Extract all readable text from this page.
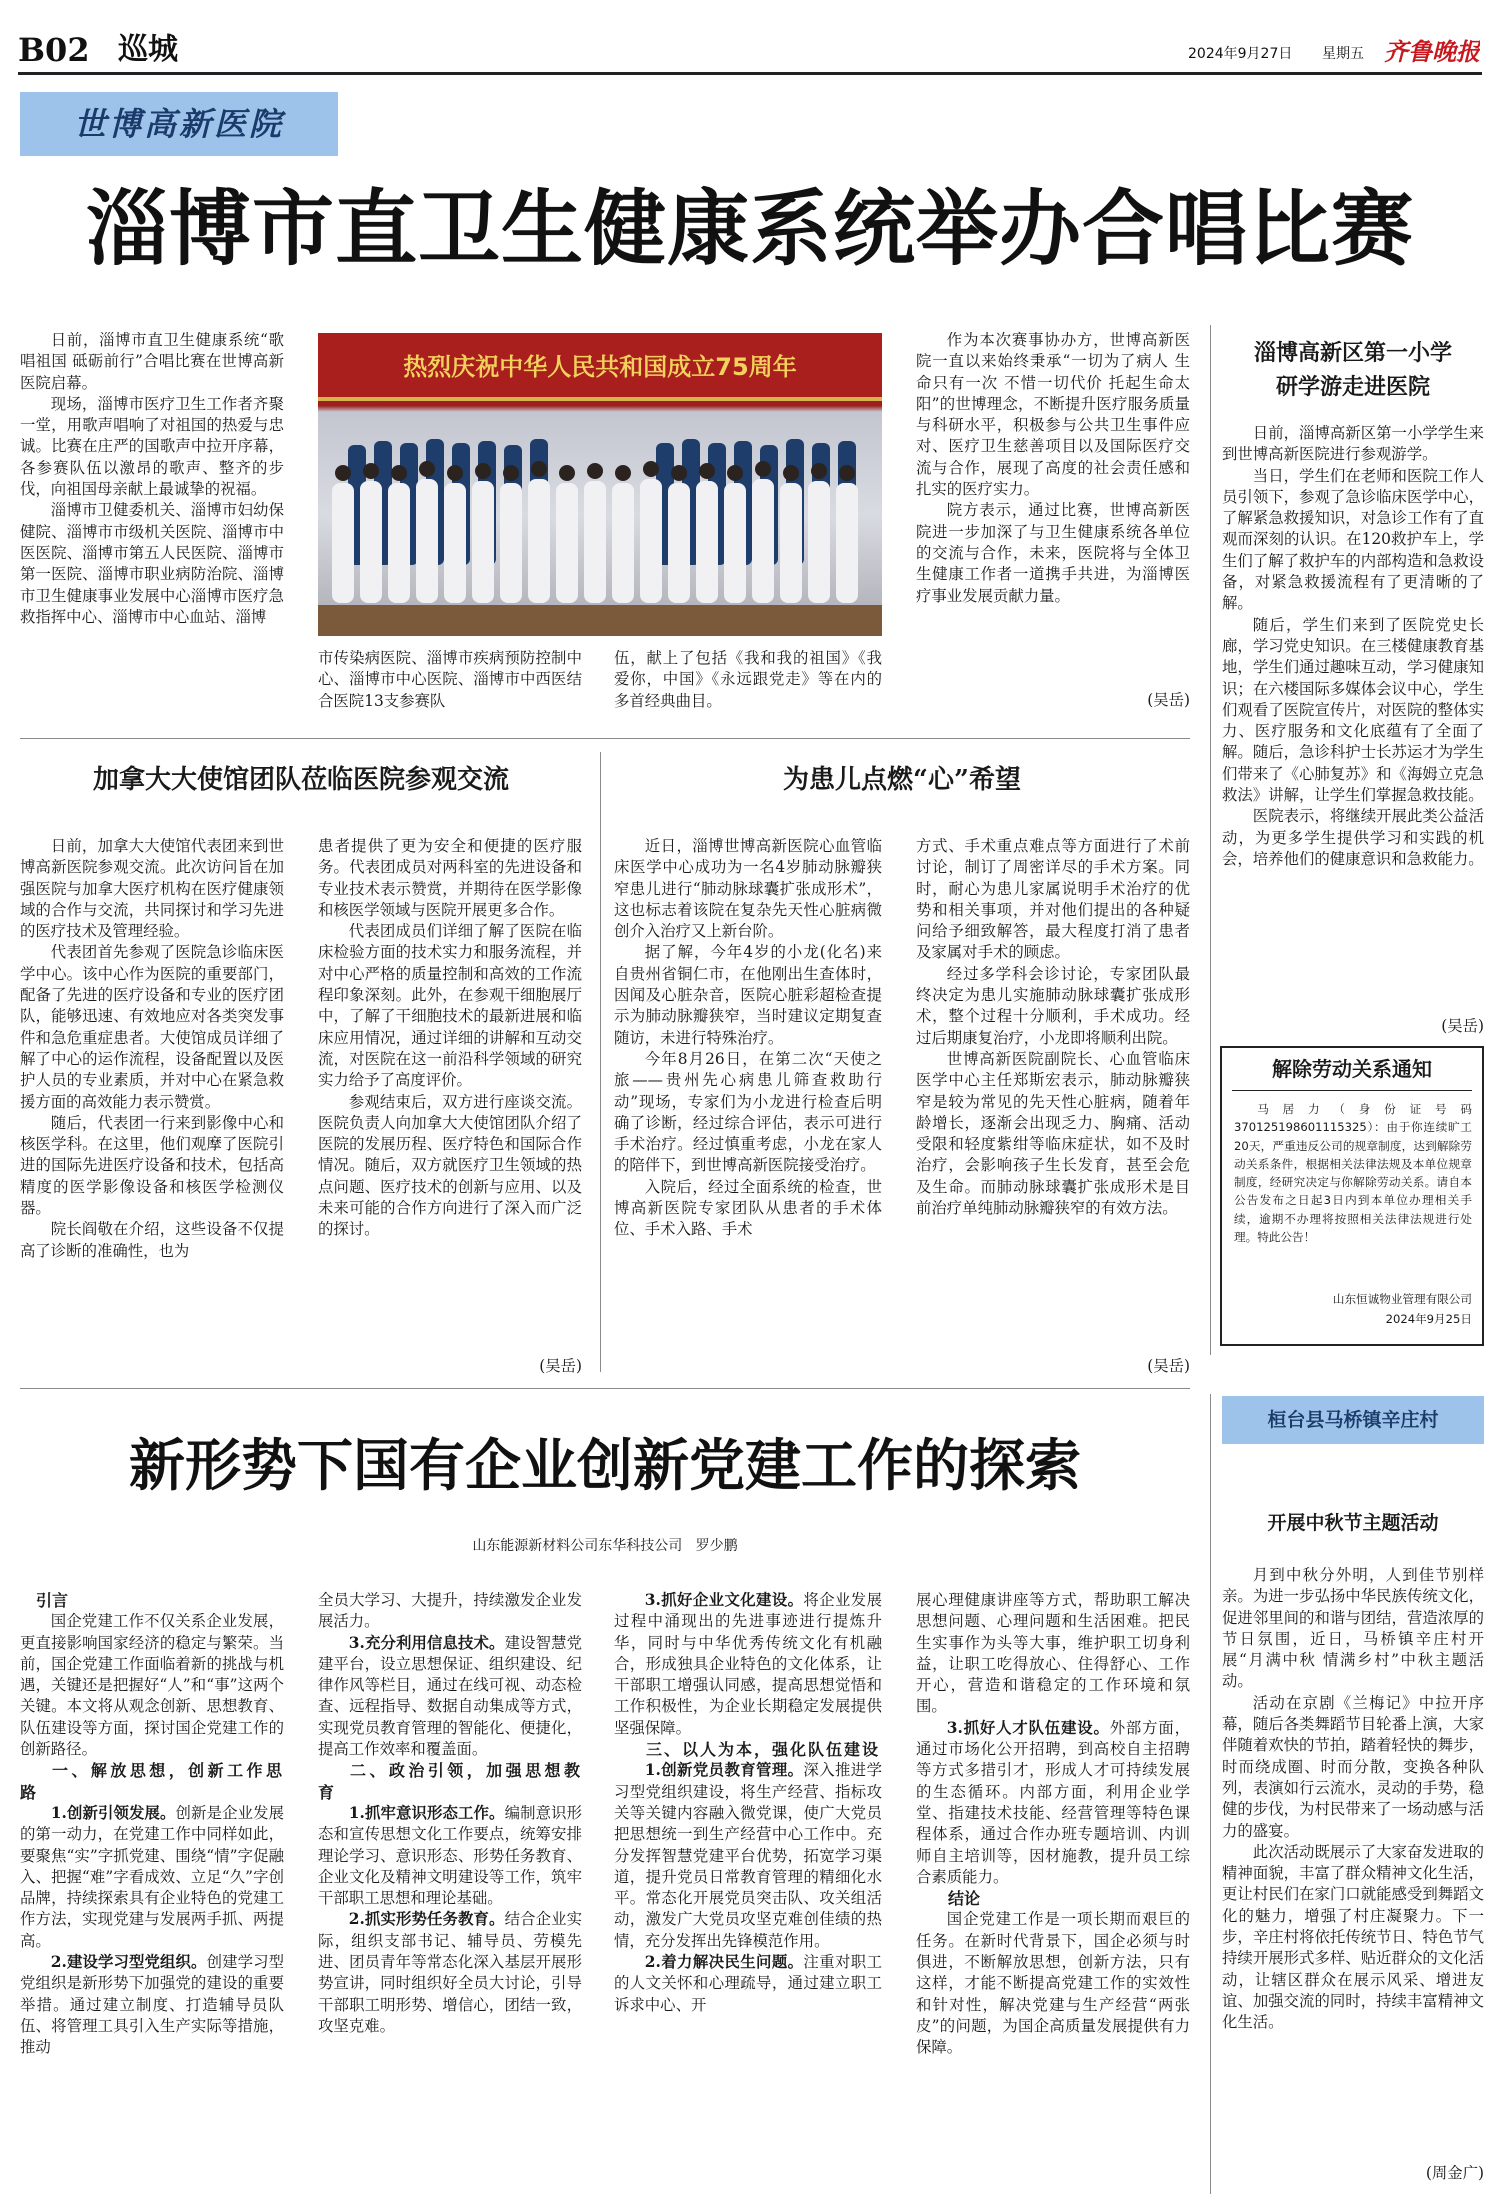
B02 巡城	2024年9月27日 星期五 齐鲁晚报
世博高新医院
淄博市直卫生健康系统举办合唱比赛

日前，淄博市直卫生健康系统“歌唱祖国 砥砺前行”合唱比赛在世博高新医院启幕。

现场，淄博市医疗卫生工作者齐聚一堂，用歌声唱响了对祖国的热爱与忠诚。比赛在庄严的国歌声中拉开序幕，各参赛队伍以激昂的歌声、整齐的步伐，向祖国母亲献上最诚挚的祝福。

淄博市卫健委机关、淄博市妇幼保健院、淄博市市级机关医院、淄博市中医医院、淄博市第五人民医院、淄博市第一医院、淄博市职业病防治院、淄博市卫生健康事业发展中心淄博市医疗急救指挥中心、淄博市中心血站、淄博

热烈庆祝中华人民共和国成立75周年

市传染病医院、淄博市疾病预防控制中心、淄博市中心医院、淄博市中西医结合医院13支参赛队

伍，献上了包括《我和我的祖国》《我爱你，中国》《永远跟党走》等在内的多首经典曲目。

作为本次赛事协办方，世博高新医院一直以来始终秉承“一切为了病人 生命只有一次 不惜一切代价 托起生命太阳”的世博理念，不断提升医疗服务质量与科研水平，积极参与公共卫生事件应对、医疗卫生慈善项目以及国际医疗交流与合作，展现了高度的社会责任感和扎实的医疗实力。

院方表示，通过比赛，世博高新医院进一步加深了与卫生健康系统各单位的交流与合作，未来，医院将与全体卫生健康工作者一道携手共进，为淄博医疗事业发展贡献力量。

(吴岳)
淄博高新区第一小学
研学游走进医院

日前，淄博高新区第一小学学生来到世博高新医院进行参观游学。

当日，学生们在老师和医院工作人员引领下，参观了急诊临床医学中心，了解紧急救援知识，对急诊工作有了直观而深刻的认识。在120救护车上，学生们了解了救护车的内部构造和急救设备，对紧急救援流程有了更清晰的了解。

随后，学生们来到了医院党史长廊，学习党史知识。在三楼健康教育基地，学生们通过趣味互动，学习健康知识；在六楼国际多媒体会议中心，学生们观看了医院宣传片，对医院的整体实力、医疗服务和文化底蕴有了全面了解。随后，急诊科护士长苏运才为学生们带来了《心肺复苏》和《海姆立克急救法》讲解，让学生们掌握急救技能。

医院表示，将继续开展此类公益活动，为更多学生提供学习和实践的机会，培养他们的健康意识和急救能力。

(吴岳)
解除劳动关系通知
马居力（身份证号码370125198601115325）：由于你连续旷工20天，严重违反公司的规章制度，达到解除劳动关系条件，根据相关法律法规及本单位规章制度，经研究决定与你解除劳动关系。请自本公告发布之日起3日内到本单位办理相关手续，逾期不办理将按照相关法律法规进行处理。特此公告！
山东恒诚物业管理有限公司
2024年9月25日
加拿大大使馆团队莅临医院参观交流

日前，加拿大大使馆代表团来到世博高新医院参观交流。此次访问旨在加强医院与加拿大医疗机构在医疗健康领域的合作与交流，共同探讨和学习先进的医疗技术及管理经验。

代表团首先参观了医院急诊临床医学中心。该中心作为医院的重要部门，配备了先进的医疗设备和专业的医疗团队，能够迅速、有效地应对各类突发事件和急危重症患者。大使馆成员详细了解了中心的运作流程，设备配置以及医护人员的专业素质，并对中心在紧急救援方面的高效能力表示赞赏。

随后，代表团一行来到影像中心和核医学科。在这里，他们观摩了医院引进的国际先进医疗设备和技术，包括高精度的医学影像设备和核医学检测仪器。

院长阎敬在介绍，这些设备不仅提高了诊断的准确性，也为

患者提供了更为安全和便捷的医疗服务。代表团成员对两科室的先进设备和专业技术表示赞赏，并期待在医学影像和核医学领域与医院开展更多合作。

代表团成员们详细了解了医院在临床检验方面的技术实力和服务流程，并对中心严格的质量控制和高效的工作流程印象深刻。此外，在参观干细胞展厅中，了解了干细胞技术的最新进展和临床应用情况，通过详细的讲解和互动交流，对医院在这一前沿科学领域的研究实力给予了高度评价。

参观结束后，双方进行座谈交流。医院负责人向加拿大大使馆团队介绍了医院的发展历程、医疗特色和国际合作情况。随后，双方就医疗卫生领域的热点问题、医疗技术的创新与应用、以及未来可能的合作方向进行了深入而广泛的探讨。

(吴岳)
为患儿点燃“心”希望

近日，淄博世博高新医院心血管临床医学中心成功为一名4岁肺动脉瓣狭窄患儿进行“肺动脉球囊扩张成形术”，这也标志着该院在复杂先天性心脏病微创介入治疗又上新台阶。

据了解，今年4岁的小龙(化名)来自贵州省铜仁市，在他刚出生查体时，因闻及心脏杂音，医院心脏彩超检查提示为肺动脉瓣狭窄，当时建议定期复查随访，未进行特殊治疗。

今年8月26日，在第二次“天使之旅——贵州先心病患儿筛查救助行动”现场，专家们为小龙进行检查后明确了诊断，经过综合评估，表示可进行手术治疗。经过慎重考虑，小龙在家人的陪伴下，到世博高新医院接受治疗。

入院后，经过全面系统的检查，世博高新医院专家团队从患者的手术体位、手术入路、手术

方式、手术重点难点等方面进行了术前讨论，制订了周密详尽的手术方案。同时，耐心为患儿家属说明手术治疗的优势和相关事项，并对他们提出的各种疑问给予细致解答，最大程度打消了患者及家属对手术的顾虑。

经过多学科会诊讨论，专家团队最终决定为患儿实施肺动脉球囊扩张成形术，整个过程十分顺利，手术成功。经过后期康复治疗，小龙即将顺利出院。

世博高新医院副院长、心血管临床医学中心主任郑斯宏表示，肺动脉瓣狭窄是较为常见的先天性心脏病，随着年龄增长，逐渐会出现乏力、胸痛、活动受限和轻度紫绀等临床症状，如不及时治疗，会影响孩子生长发育，甚至会危及生命。而肺动脉球囊扩张成形术是目前治疗单纯肺动脉瓣狭窄的有效方法。

(吴岳)
新形势下国有企业创新党建工作的探索
山东能源新材料公司东华科技公司   罗少鹏

引言

国企党建工作不仅关系企业发展，更直接影响国家经济的稳定与繁荣。当前，国企党建工作面临着新的挑战与机遇，关键还是把握好“人”和“事”这两个关键。本文将从观念创新、思想教育、队伍建设等方面，探讨国企党建工作的创新路径。

一、解放思想，创新工作思路

1.创新引领发展。创新是企业发展的第一动力，在党建工作中同样如此，要聚焦“实”字抓党建、围绕“情”字促融入、把握“难”字看成效、立足“久”字创品牌，持续探索具有企业特色的党建工作方法，实现党建与发展两手抓、两提高。

2.建设学习型党组织。创建学习型党组织是新形势下加强党的建设的重要举措。通过建立制度、打造辅导员队伍、将管理工具引入生产实际等措施，推动

全员大学习、大提升，持续激发企业发展活力。

3.充分利用信息技术。建设智慧党建平台，设立思想保证、组织建设、纪律作风等栏目，通过在线可视、动态检查、远程指导、数据自动集成等方式，实现党员教育管理的智能化、便捷化，提高工作效率和覆盖面。

二、政治引领，加强思想教育

1.抓牢意识形态工作。编制意识形态和宣传思想文化工作要点，统筹安排理论学习、意识形态、形势任务教育、企业文化及精神文明建设等工作，筑牢干部职工思想和理论基础。

2.抓实形势任务教育。结合企业实际，组织支部书记、辅导员、劳模先进、团员青年等常态化深入基层开展形势宣讲，同时组织好全员大讨论，引导干部职工明形势、增信心，团结一致，攻坚克难。

3.抓好企业文化建设。将企业发展过程中涌现出的先进事迹进行提炼升华，同时与中华优秀传统文化有机融合，形成独具企业特色的文化体系，让干部职工增强认同感，提高思想觉悟和工作积极性，为企业长期稳定发展提供坚强保障。

三、以人为本，强化队伍建设

1.创新党员教育管理。深入推进学习型党组织建设，将生产经营、指标攻关等关键内容融入微党课，使广大党员把思想统一到生产经营中心工作中。充分发挥智慧党建平台优势，拓宽学习渠道，提升党员日常教育管理的精细化水平。常态化开展党员突击队、攻关组活动，激发广大党员攻坚克难创佳绩的热情，充分发挥出先锋模范作用。

2.着力解决民生问题。注重对职工的人文关怀和心理疏导，通过建立职工诉求中心、开

展心理健康讲座等方式，帮助职工解决思想问题、心理问题和生活困难。把民生实事作为头等大事，维护职工切身利益，让职工吃得放心、住得舒心、工作开心，营造和谐稳定的工作环境和氛围。

3.抓好人才队伍建设。外部方面，通过市场化公开招聘，到高校自主招聘等方式多措引才，形成人才可持续发展的生态循环。内部方面，利用企业学堂、指建技术技能、经营管理等特色课程体系，通过合作办班专题培训、内训师自主培训等，因材施教，提升员工综合素质能力。

结论

国企党建工作是一项长期而艰巨的任务。在新时代背景下，国企必须与时俱进，不断解放思想，创新方法，只有这样，才能不断提高党建工作的实效性和针对性，解决党建与生产经营“两张皮”的问题，为国企高质量发展提供有力保障。

桓台县马桥镇辛庄村
开展中秋节主题活动

月到中秋分外明，人到佳节别样亲。为进一步弘扬中华民族传统文化，促进邻里间的和谐与团结，营造浓厚的节日氛围，近日，马桥镇辛庄村开展“月满中秋 情满乡村”中秋主题活动。

活动在京剧《兰梅记》中拉开序幕，随后各类舞蹈节目轮番上演，大家伴随着欢快的节拍，踏着轻快的舞步，时而绕成圈、时而分散，变换各种队列，表演如行云流水，灵动的手势，稳健的步伐，为村民带来了一场动感与活力的盛宴。

此次活动既展示了大家奋发进取的精神面貌，丰富了群众精神文化生活，更让村民们在家门口就能感受到舞蹈文化的魅力，增强了村庄凝聚力。下一步，辛庄村将依托传统节日、特色节气持续开展形式多样、贴近群众的文化活动，让辖区群众在展示风采、增进友谊、加强交流的同时，持续丰富精神文化生活。

(周金广)
